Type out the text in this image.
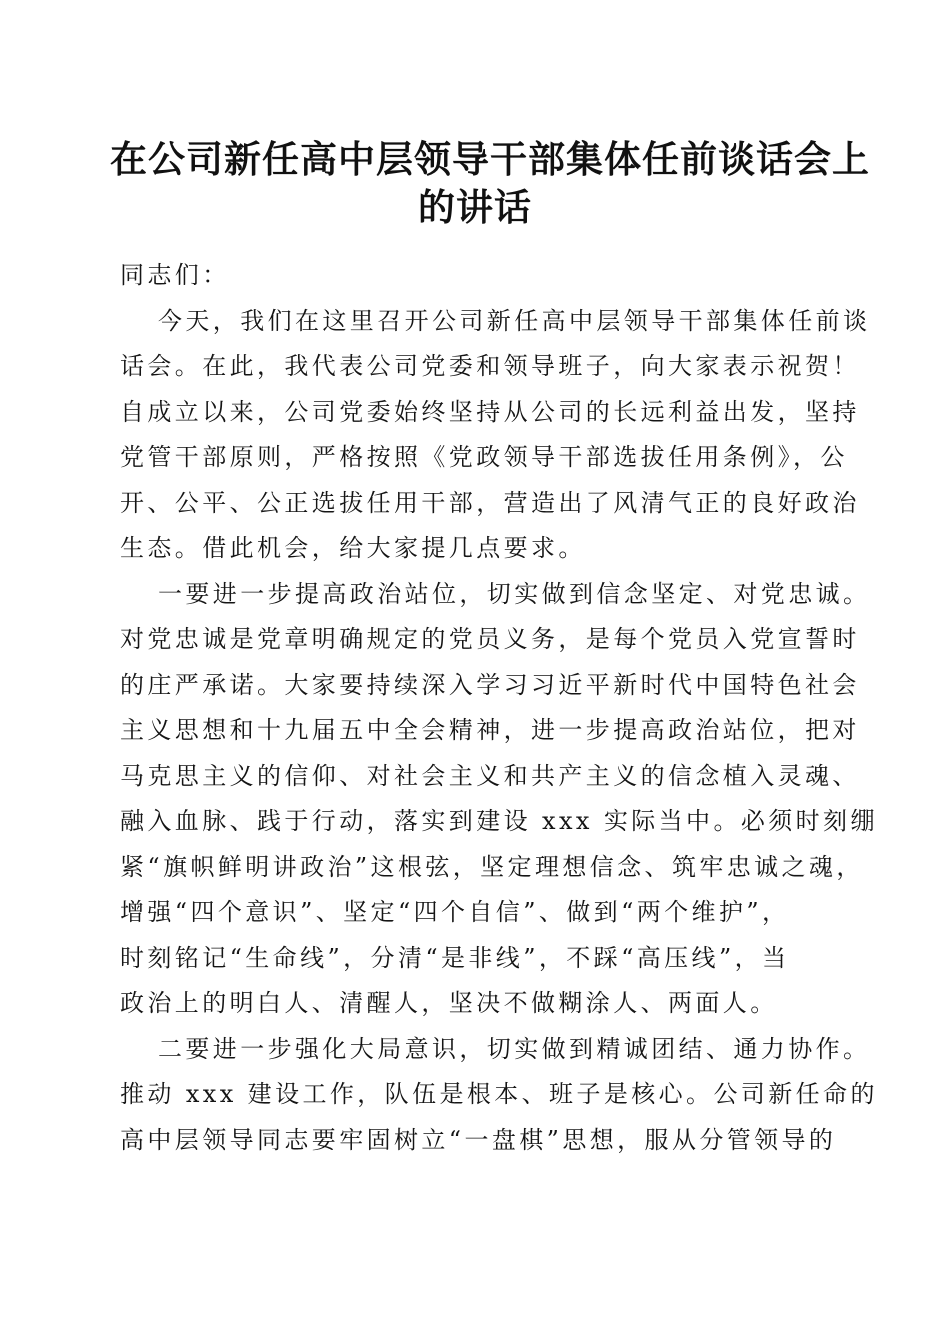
在公司新任高中层领导干部集体任前谈话会上
的讲话
同志们：
今天，我们在这里召开公司新任高中层领导干部集体任前谈
话会。在此，我代表公司党委和领导班子，向大家表示祝贺！
自成立以来，公司党委始终坚持从公司的长远利益出发，坚持
党管干部原则，严格按照《党政领导干部选拔任用条例》，公
开、公平、公正选拔任用干部，营造出了风清气正的良好政治
生态。借此机会，给大家提几点要求。
一要进一步提高政治站位，切实做到信念坚定、对党忠诚。
对党忠诚是党章明确规定的党员义务，是每个党员入党宣誓时
的庄严承诺。大家要持续深入学习习近平新时代中国特色社会
主义思想和十九届五中全会精神，进一步提高政治站位，把对
马克思主义的信仰、对社会主义和共产主义的信念植入灵魂、
融入血脉、践于行动，落实到建设 xxx 实际当中。必须时刻绷
紧“旗帜鲜明讲政治”这根弦，坚定理想信念、筑牢忠诚之魂，
增强“四个意识”、坚定“四个自信”、做到“两个维护”，
时刻铭记“生命线”，分清“是非线”，不踩“高压线”，当
政治上的明白人、清醒人，坚决不做糊涂人、两面人。
二要进一步强化大局意识，切实做到精诚团结、通力协作。
推动 xxx 建设工作，队伍是根本、班子是核心。公司新任命的
高中层领导同志要牢固树立“一盘棋”思想，服从分管领导的
